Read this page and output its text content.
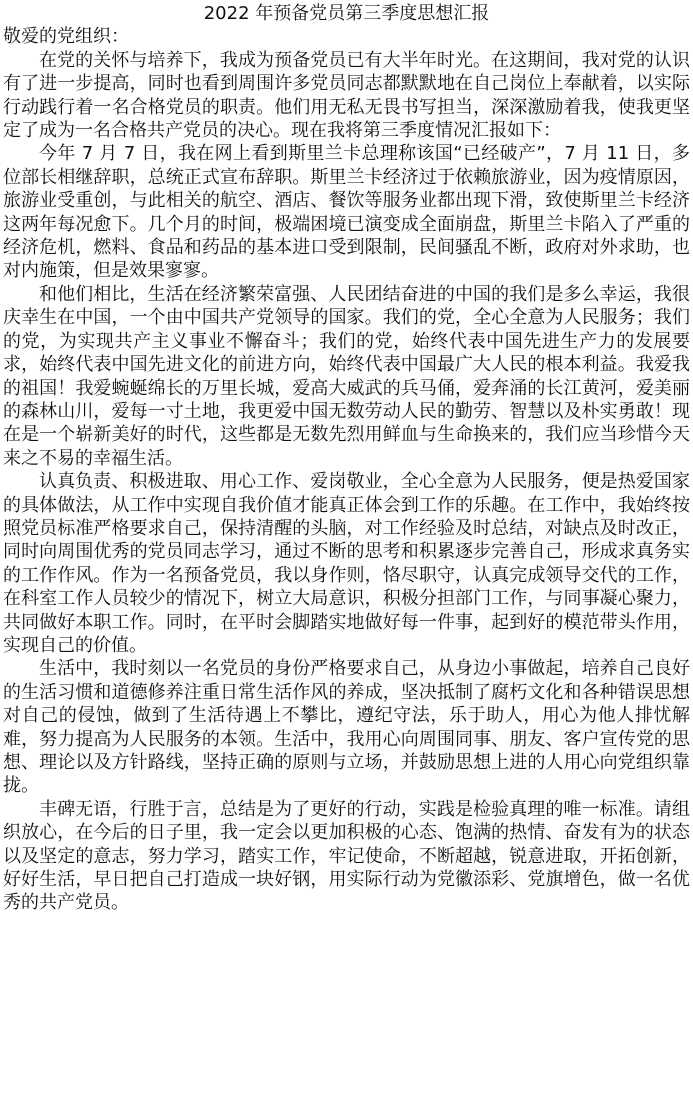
2022 年预备党员第三季度思想汇报

敬爱的党组织：

在党的关怀与培养下，我成为预备党员已有大半年时光。在这期间，我对党的认识有了进一步提高，同时也看到周围许多党员同志都默默地在自己岗位上奉献着，以实际行动践行着一名合格党员的职责。他们用无私无畏书写担当，深深激励着我，使我更坚定了成为一名合格共产党员的决心。现在我将第三季度情况汇报如下：

今年 7 月 7 日，我在网上看到斯里兰卡总理称该国“已经破产”，7 月 11 日，多位部长相继辞职，总统正式宣布辞职。斯里兰卡经济过于依赖旅游业，因为疫情原因，旅游业受重创，与此相关的航空、酒店、餐饮等服务业都出现下滑，致使斯里兰卡经济这两年每况愈下。几个月的时间，极端困境已演变成全面崩盘，斯里兰卡陷入了严重的经济危机，燃料、食品和药品的基本进口受到限制，民间骚乱不断，政府对外求助，也对内施策，但是效果寥寥。

和他们相比，生活在经济繁荣富强、人民团结奋进的中国的我们是多么幸运，我很庆幸生在中国，一个由中国共产党领导的国家。我们的党，全心全意为人民服务；我们的党，为实现共产主义事业不懈奋斗；我们的党，始终代表中国先进生产力的发展要求，始终代表中国先进文化的前进方向，始终代表中国最广大人民的根本利益。我爱我的祖国！我爱蜿蜒绵长的万里长城，爱高大威武的兵马俑，爱奔涌的长江黄河，爱美丽的森林山川，爱每一寸土地，我更爱中国无数劳动人民的勤劳、智慧以及朴实勇敢！现在是一个崭新美好的时代，这些都是无数先烈用鲜血与生命换来的，我们应当珍惜今天来之不易的幸福生活。

认真负责、积极进取、用心工作、爱岗敬业，全心全意为人民服务，便是热爱国家的具体做法，从工作中实现自我价值才能真正体会到工作的乐趣。在工作中，我始终按照党员标准严格要求自己，保持清醒的头脑，对工作经验及时总结，对缺点及时改正，同时向周围优秀的党员同志学习，通过不断的思考和积累逐步完善自己，形成求真务实的工作作风。作为一名预备党员，我以身作则，恪尽职守，认真完成领导交代的工作，在科室工作人员较少的情况下，树立大局意识，积极分担部门工作，与同事凝心聚力，共同做好本职工作。同时，在平时会脚踏实地做好每一件事，起到好的模范带头作用，实现自己的价值。

生活中，我时刻以一名党员的身份严格要求自己，从身边小事做起，培养自己良好的生活习惯和道德修养注重日常生活作风的养成，坚决抵制了腐朽文化和各种错误思想对自己的侵蚀，做到了生活待遇上不攀比，遵纪守法，乐于助人，用心为他人排忧解难，努力提高为人民服务的本领。生活中，我用心向周围同事、朋友、客户宣传党的思想、理论以及方针路线，坚持正确的原则与立场，并鼓励思想上进的人用心向党组织靠拢。

丰碑无语，行胜于言，总结是为了更好的行动，实践是检验真理的唯一标准。请组织放心，在今后的日子里，我一定会以更加积极的心态、饱满的热情、奋发有为的状态以及坚定的意志，努力学习，踏实工作，牢记使命，不断超越，锐意进取，开拓创新，好好生活，早日把自己打造成一块好钢，用实际行动为党徽添彩、党旗增色，做一名优秀的共产党员。
